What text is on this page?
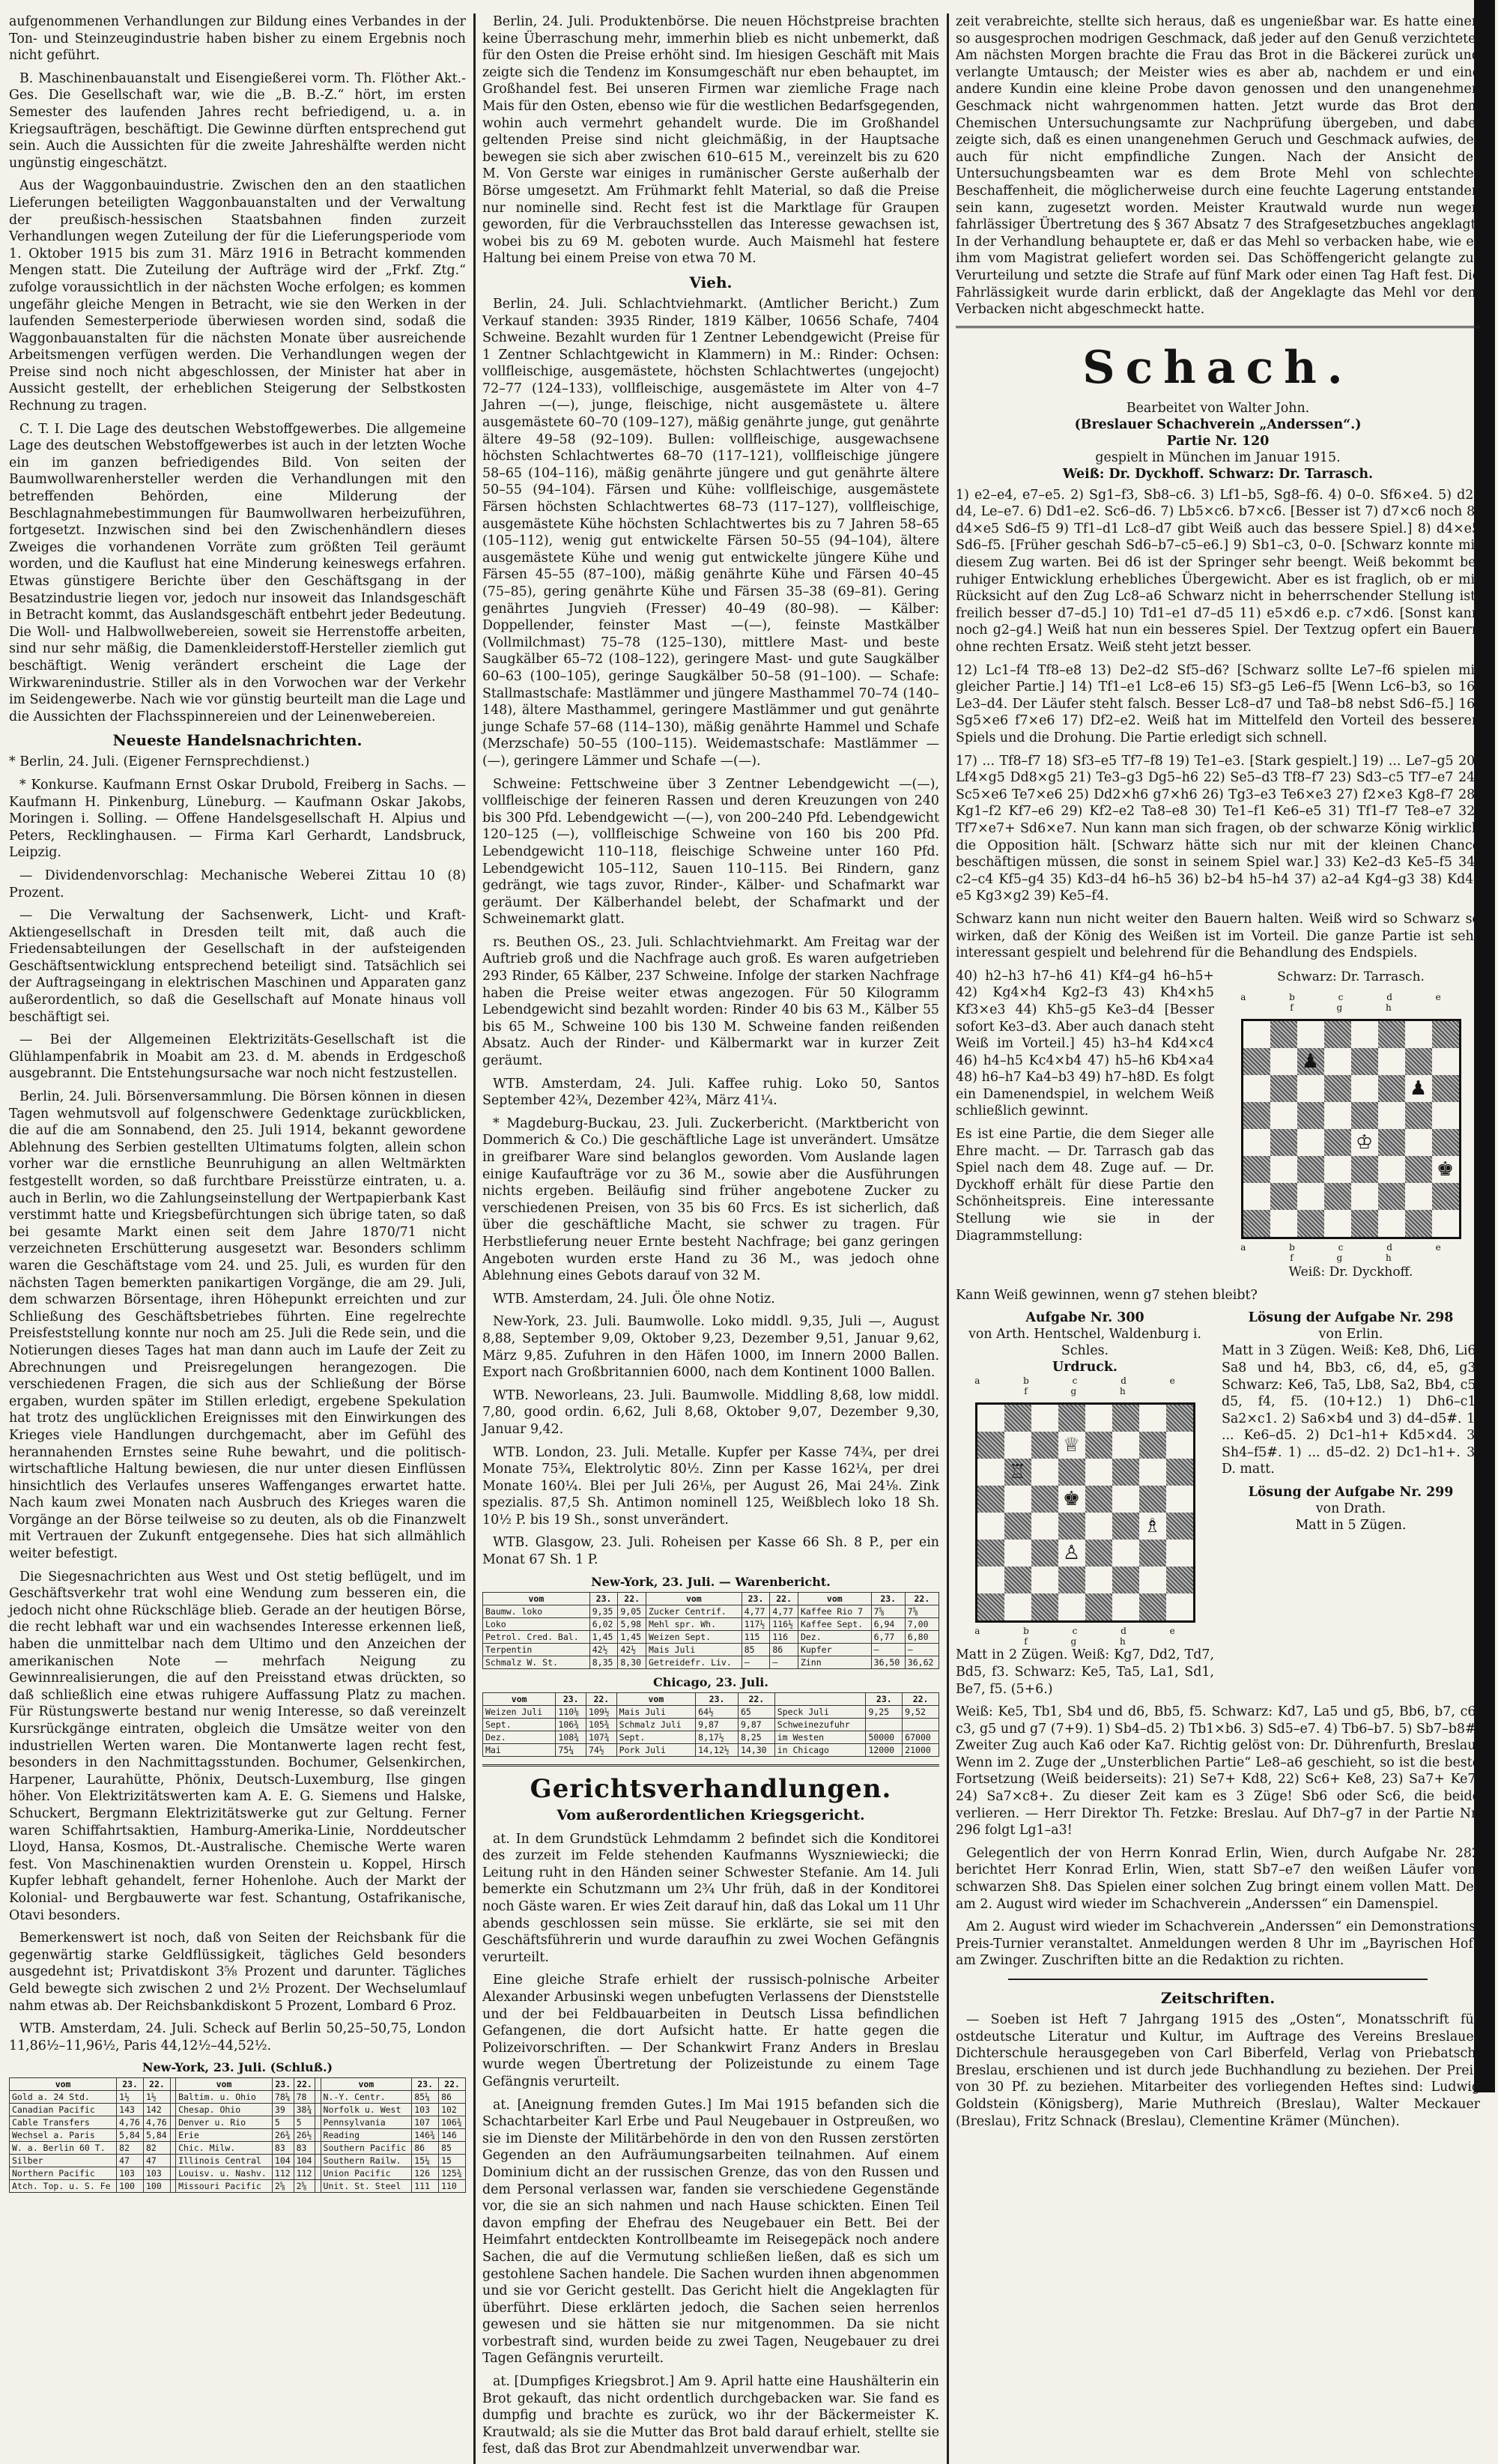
aufgenommenen Verhandlungen zur Bildung eines Verbandes in der Ton- und Steinzeugindustrie haben bisher zu einem Ergebnis noch nicht geführt.

B. Maschinenbauanstalt und Eisengießerei vorm. Th. Flöther Akt.-Ges. Die Gesellschaft war, wie die „B. B.-Z.“ hört, im ersten Semester des laufenden Jahres recht befriedigend, u. a. in Kriegsaufträgen, beschäftigt. Die Gewinne dürften entsprechend gut sein. Auch die Aussichten für die zweite Jahreshälfte werden nicht ungünstig eingeschätzt.

Aus der Waggonbauindustrie. Zwischen den an den staatlichen Lieferungen beteiligten Waggonbauanstalten und der Verwaltung der preußisch-hessischen Staatsbahnen finden zurzeit Verhandlungen wegen Zuteilung der für die Lieferungsperiode vom 1. Oktober 1915 bis zum 31. März 1916 in Betracht kommenden Mengen statt. Die Zuteilung der Aufträge wird der „Frkf. Ztg.“ zufolge voraussichtlich in der nächsten Woche erfolgen; es kommen ungefähr gleiche Mengen in Betracht, wie sie den Werken in der laufenden Semesterperiode überwiesen worden sind, sodaß die Waggonbauanstalten für die nächsten Monate über ausreichende Arbeitsmengen verfügen werden. Die Verhandlungen wegen der Preise sind noch nicht abgeschlossen, der Minister hat aber in Aussicht gestellt, der erheblichen Steigerung der Selbstkosten Rechnung zu tragen.

C. T. I. Die Lage des deutschen Webstoffgewerbes. Die allgemeine Lage des deutschen Webstoffgewerbes ist auch in der letzten Woche ein im ganzen befriedigendes Bild. Von seiten der Baumwollwarenhersteller werden die Verhandlungen mit den betreffenden Behörden, eine Milderung der Beschlagnahmebestimmungen für Baumwollwaren herbeizuführen, fortgesetzt. Inzwischen sind bei den Zwischenhändlern dieses Zweiges die vorhandenen Vorräte zum größten Teil geräumt worden, und die Kauflust hat eine Minderung keineswegs erfahren. Etwas günstigere Berichte über den Geschäftsgang in der Besatzindustrie liegen vor, jedoch nur insoweit das Inlandsgeschäft in Betracht kommt, das Auslandsgeschäft entbehrt jeder Bedeutung. Die Woll- und Halbwollwebereien, soweit sie Herrenstoffe arbeiten, sind nur sehr mäßig, die Damenkleiderstoff-Hersteller ziemlich gut beschäftigt. Wenig verändert erscheint die Lage der Wirkwarenindustrie. Stiller als in den Vorwochen war der Verkehr im Seidengewerbe. Nach wie vor günstig beurteilt man die Lage und die Aussichten der Flachsspinnereien und der Leinenwebereien.

Neueste Handelsnachrichten.

* Berlin, 24. Juli. (Eigener Fernsprechdienst.)

* Konkurse. Kaufmann Ernst Oskar Drubold, Freiberg in Sachs. — Kaufmann H. Pinkenburg, Lüneburg. — Kaufmann Oskar Jakobs, Moringen i. Solling. — Offene Handelsgesellschaft H. Alpius und Peters, Recklinghausen. — Firma Karl Gerhardt, Landsbruck, Leipzig.

— Dividendenvorschlag: Mechanische Weberei Zittau 10 (8) Prozent.

— Die Verwaltung der Sachsenwerk, Licht- und Kraft-Aktiengesellschaft in Dresden teilt mit, daß auch die Friedensabteilungen der Gesellschaft in der aufsteigenden Geschäftsentwicklung entsprechend beteiligt sind. Tatsächlich sei der Auftragseingang in elektrischen Maschinen und Apparaten ganz außerordentlich, so daß die Gesellschaft auf Monate hinaus voll beschäftigt sei.

— Bei der Allgemeinen Elektrizitäts-Gesellschaft ist die Glühlampenfabrik in Moabit am 23. d. M. abends in Erdgeschoß ausgebrannt. Die Entstehungsursache war noch nicht festzustellen.

Berlin, 24. Juli. Börsenversammlung. Die Börsen können in diesen Tagen wehmutsvoll auf folgenschwere Gedenktage zurückblicken, die auf die am Sonnabend, den 25. Juli 1914, bekannt gewordene Ablehnung des Serbien gestellten Ultimatums folgten, allein schon vorher war die ernstliche Beunruhigung an allen Weltmärkten festgestellt worden, so daß furchtbare Preisstürze eintraten, u. a. auch in Berlin, wo die Zahlungseinstellung der Wertpapierbank Kast verstimmt hatte und Kriegsbefürchtungen sich übrige taten, so daß bei gesamte Markt einen seit dem Jahre 1870/71 nicht verzeichneten Erschütterung ausgesetzt war. Besonders schlimm waren die Geschäftstage vom 24. und 25. Juli, es wurden für den nächsten Tagen bemerkten panikartigen Vorgänge, die am 29. Juli, dem schwarzen Börsentage, ihren Höhepunkt erreichten und zur Schließung des Geschäftsbetriebes führten. Eine regelrechte Preisfeststellung konnte nur noch am 25. Juli die Rede sein, und die Notierungen dieses Tages hat man dann auch im Laufe der Zeit zu Abrechnungen und Preisregelungen herangezogen. Die verschiedenen Fragen, die sich aus der Schließung der Börse ergaben, wurden später im Stillen erledigt, ergebene Spekulation hat trotz des unglücklichen Ereignisses mit den Einwirkungen des Krieges viele Handlungen durchgemacht, aber im Gefühl des herannahenden Ernstes seine Ruhe bewahrt, und die politisch-wirtschaftliche Haltung bewiesen, die nur unter diesen Einflüssen hinsichtlich des Verlaufes unseres Waffenganges erwartet hatte. Nach kaum zwei Monaten nach Ausbruch des Krieges waren die Vorgänge an der Börse teilweise so zu deuten, als ob die Finanzwelt mit Vertrauen der Zukunft entgegensehe. Dies hat sich allmählich weiter befestigt.

Die Siegesnachrichten aus West und Ost stetig beflügelt, und im Geschäftsverkehr trat wohl eine Wendung zum besseren ein, die jedoch nicht ohne Rückschläge blieb. Gerade an der heutigen Börse, die recht lebhaft war und ein wachsendes Interesse erkennen ließ, haben die unmittelbar nach dem Ultimo und den Anzeichen der amerikanischen Note — mehrfach Neigung zu Gewinnrealisierungen, die auf den Preisstand etwas drückten, so daß schließlich eine etwas ruhigere Auffassung Platz zu machen. Für Rüstungswerte bestand nur wenig Interesse, so daß vereinzelt Kursrückgänge eintraten, obgleich die Umsätze weiter von den industriellen Werten waren. Die Montanwerte lagen recht fest, besonders in den Nachmittagsstunden. Bochumer, Gelsenkirchen, Harpener, Laurahütte, Phönix, Deutsch-Luxemburg, Ilse gingen höher. Von Elektrizitätswerten kam A. E. G. Siemens und Halske, Schuckert, Bergmann Elektrizitätswerke gut zur Geltung. Ferner waren Schiffahrtsaktien, Hamburg-Amerika-Linie, Norddeutscher Lloyd, Hansa, Kosmos, Dt.-Australische. Chemische Werte waren fest. Von Maschinenaktien wurden Orenstein u. Koppel, Hirsch Kupfer lebhaft gehandelt, ferner Hohenlohe. Auch der Markt der Kolonial- und Bergbauwerte war fest. Schantung, Ostafrikanische, Otavi besonders.

Bemerkenswert ist noch, daß von Seiten der Reichsbank für die gegenwärtig starke Geldflüssigkeit, tägliches Geld besonders ausgedehnt ist; Privatdiskont 3⅝ Prozent und darunter. Tägliches Geld bewegte sich zwischen 2 und 2½ Prozent. Der Wechselumlauf nahm etwas ab. Der Reichsbankdiskont 5 Prozent, Lombard 6 Proz.

WTB. Amsterdam, 24. Juli. Scheck auf Berlin 50,25–50,75, London 11,86½–11,96½, Paris 44,12½–44,52½.

New-York, 23. Juli. (Schluß.)
vom	23.	22.		vom	23.	22.		vom	23.	22.
Gold a. 24 Std.	1½	1½		Baltim. u. Ohio	78¼	78		N.-Y. Centr.	85¼	86
Canadian Pacific	143	142		Chesap. Ohio	39	38¾		Norfolk u. West	103	102
Cable Transfers	4,76	4,76		Denver u. Rio	5	5		Pennsylvania	107	106¾
Wechsel a. Paris	5,84	5,84		Erie	26¾	26½		Reading	146¾	146
W. a. Berlin 60 T.	82	82		Chic. Milw.	83	83		Southern Pacific	86	85
Silber	47	47		Illinois Central	104	104		Southern Railw.	15¼	15
Northern Pacific	103	103		Louisv. u. Nashv.	112	112		Union Pacific	126	125¾
Atch. Top. u. S. Fe	100	100		Missouri Pacific	2⅝	2⅝		Unit. St. Steel	111	110

Berlin, 24. Juli. Produktenbörse. Die neuen Höchstpreise brachten keine Überraschung mehr, immerhin blieb es nicht unbemerkt, daß für den Osten die Preise erhöht sind. Im hiesigen Geschäft mit Mais zeigte sich die Tendenz im Konsumgeschäft nur eben behauptet, im Großhandel fest. Bei unseren Firmen war ziemliche Frage nach Mais für den Osten, ebenso wie für die westlichen Bedarfsgegenden, wohin auch vermehrt gehandelt wurde. Die im Großhandel geltenden Preise sind nicht gleichmäßig, in der Hauptsache bewegen sie sich aber zwischen 610–615 M., vereinzelt bis zu 620 M. Von Gerste war einiges in rumänischer Gerste außerhalb der Börse umgesetzt. Am Frühmarkt fehlt Material, so daß die Preise nur nominelle sind. Recht fest ist die Marktlage für Graupen geworden, für die Verbrauchsstellen das Interesse gewachsen ist, wobei bis zu 69 M. geboten wurde. Auch Maismehl hat festere Haltung bei einem Preise von etwa 70 M.

Vieh.

Berlin, 24. Juli. Schlachtviehmarkt. (Amtlicher Bericht.) Zum Verkauf standen: 3935 Rinder, 1819 Kälber, 10656 Schafe, 7404 Schweine. Bezahlt wurden für 1 Zentner Lebendgewicht (Preise für 1 Zentner Schlachtgewicht in Klammern) in M.: Rinder: Ochsen: vollfleischige, ausgemästete, höchsten Schlachtwertes (ungejocht) 72–77 (124–133), vollfleischige, ausgemästete im Alter von 4–7 Jahren —(—), junge, fleischige, nicht ausgemästete u. ältere ausgemästete 60–70 (109–127), mäßig genährte junge, gut genährte ältere 49–58 (92–109). Bullen: vollfleischige, ausgewachsene höchsten Schlachtwertes 68–70 (117–121), vollfleischige jüngere 58–65 (104–116), mäßig genährte jüngere und gut genährte ältere 50–55 (94–104). Färsen und Kühe: vollfleischige, ausgemästete Färsen höchsten Schlachtwertes 68–73 (117–127), vollfleischige, ausgemästete Kühe höchsten Schlachtwertes bis zu 7 Jahren 58–65 (105–112), wenig gut entwickelte Färsen 50–55 (94–104), ältere ausgemästete Kühe und wenig gut entwickelte jüngere Kühe und Färsen 45–55 (87–100), mäßig genährte Kühe und Färsen 40–45 (75–85), gering genährte Kühe und Färsen 35–38 (69–81). Gering genährtes Jungvieh (Fresser) 40–49 (80–98). — Kälber: Doppellender, feinster Mast —(—), feinste Mastkälber (Vollmilchmast) 75–78 (125–130), mittlere Mast- und beste Saugkälber 65–72 (108–122), geringere Mast- und gute Saugkälber 60–63 (100–105), geringe Saugkälber 50–58 (91–100). — Schafe: Stallmastschafe: Mastlämmer und jüngere Masthammel 70–74 (140–148), ältere Masthammel, geringere Mastlämmer und gut genährte junge Schafe 57–68 (114–130), mäßig genährte Hammel und Schafe (Merzschafe) 50–55 (100–115). Weidemastschafe: Mastlämmer —(—), geringere Lämmer und Schafe —(—).

Schweine: Fettschweine über 3 Zentner Lebendgewicht —(—), vollfleischige der feineren Rassen und deren Kreuzungen von 240 bis 300 Pfd. Lebendgewicht —(—), von 200–240 Pfd. Lebendgewicht 120–125 (—), vollfleischige Schweine von 160 bis 200 Pfd. Lebendgewicht 110–118, fleischige Schweine unter 160 Pfd. Lebendgewicht 105–112, Sauen 110–115. Bei Rindern, ganz gedrängt, wie tags zuvor, Rinder-, Kälber- und Schafmarkt war geräumt. Der Kälberhandel belebt, der Schafmarkt und der Schweinemarkt glatt.

rs. Beuthen OS., 23. Juli. Schlachtviehmarkt. Am Freitag war der Auftrieb groß und die Nachfrage auch groß. Es waren aufgetrieben 293 Rinder, 65 Kälber, 237 Schweine. Infolge der starken Nachfrage haben die Preise weiter etwas angezogen. Für 50 Kilogramm Lebendgewicht sind bezahlt worden: Rinder 40 bis 63 M., Kälber 55 bis 65 M., Schweine 100 bis 130 M. Schweine fanden reißenden Absatz. Auch der Rinder- und Kälbermarkt war in kurzer Zeit geräumt.

WTB. Amsterdam, 24. Juli. Kaffee ruhig. Loko 50, Santos September 42¾, Dezember 42¾, März 41¼.

* Magdeburg-Buckau, 23. Juli. Zuckerbericht. (Marktbericht von Dommerich & Co.) Die geschäftliche Lage ist unverändert. Umsätze in greifbarer Ware sind belanglos geworden. Vom Auslande lagen einige Kaufaufträge vor zu 36 M., sowie aber die Ausführungen nichts ergeben. Beiläufig sind früher angebotene Zucker zu verschiedenen Preisen, von 35 bis 60 Frcs. Es ist sicherlich, daß über die geschäftliche Macht, sie schwer zu tragen. Für Herbstlieferung neuer Ernte besteht Nachfrage; bei ganz geringen Angeboten wurden erste Hand zu 36 M., was jedoch ohne Ablehnung eines Gebots darauf von 32 M.

WTB. Amsterdam, 24. Juli. Öle ohne Notiz.

New-York, 23. Juli. Baumwolle. Loko middl. 9,35, Juli —, August 8,88, September 9,09, Oktober 9,23, Dezember 9,51, Januar 9,62, März 9,85. Zufuhren in den Häfen 1000, im Innern 2000 Ballen. Export nach Großbritannien 6000, nach dem Kontinent 1000 Ballen.

WTB. Neworleans, 23. Juli. Baumwolle. Middling 8,68, low middl. 7,80, good ordin. 6,62, Juli 8,68, Oktober 9,07, Dezember 9,30, Januar 9,42.

WTB. London, 23. Juli. Metalle. Kupfer per Kasse 74¾, per drei Monate 75¾, Elektrolytic 80½. Zinn per Kasse 162¼, per drei Monate 160¼. Blei per Juli 26⅛, per August 26, Mai 24⅛. Zink spezialis. 87,5 Sh. Antimon nominell 125, Weißblech loko 18 Sh. 10½ P. bis 19 Sh., sonst unverändert.

WTB. Glasgow, 23. Juli. Roheisen per Kasse 66 Sh. 8 P., per ein Monat 67 Sh. 1 P.

New-York, 23. Juli. — Warenbericht.
vom	23.	22.	vom	23.	22.	vom	23.	22.
Baumw. loko	9,35	9,05	Zucker Centrif.	4,77	4,77	Kaffee Rio 7	7⅝	7⅝
Loko	6,02	5,98	Mehl spr. Wh.	117½	116½	Kaffee Sept.	6,94	7,00
Petrol. Cred. Bal.	1,45	1,45	Weizen Sept.	115	116	Dez.	6,77	6,80
Terpentin	42½	42½	Mais Juli	85	86	Kupfer	—	—
Schmalz W. St.	8,35	8,30	Getreidefr. Liv.	—	—	Zinn	36,50	36,62
Chicago, 23. Juli.
vom	23.	22.	vom	23.	22.		23.	22.
Weizen Juli	110⅛	109½	Mais Juli	64½	65	Speck Juli	9,25	9,52
Sept.	106¾	105¾	Schmalz Juli	9,87	9,87	Schweinezufuhr		
Dez.	108¾	107¾	Sept.	8,17½	8,25	im Westen	50000	67000
Mai	75¼	74½	Pork Juli	14,12½	14,30	in Chicago	12000	21000
Gerichtsverhandlungen.
Vom außerordentlichen Kriegsgericht.

at. In dem Grundstück Lehmdamm 2 befindet sich die Konditorei des zurzeit im Felde stehenden Kaufmanns Wyszniewiecki; die Leitung ruht in den Händen seiner Schwester Stefanie. Am 14. Juli bemerkte ein Schutzmann um 2¾ Uhr früh, daß in der Konditorei noch Gäste waren. Er wies Zeit darauf hin, daß das Lokal um 11 Uhr abends geschlossen sein müsse. Sie erklärte, sie sei mit den Geschäftsführerin und wurde daraufhin zu zwei Wochen Gefängnis verurteilt.

Eine gleiche Strafe erhielt der russisch-polnische Arbeiter Alexander Arbusinski wegen unbefugten Verlassens der Dienststelle und der bei Feldbauarbeiten in Deutsch Lissa befindlichen Gefangenen, die dort Aufsicht hatte. Er hatte gegen die Polizeivorschriften. — Der Schankwirt Franz Anders in Breslau wurde wegen Übertretung der Polizeistunde zu einem Tage Gefängnis verurteilt.

at. [Aneignung fremden Gutes.] Im Mai 1915 befanden sich die Schachtarbeiter Karl Erbe und Paul Neugebauer in Ostpreußen, wo sie im Dienste der Militärbehörde in den von den Russen zerstörten Gegenden an den Aufräumungsarbeiten teilnahmen. Auf einem Dominium dicht an der russischen Grenze, das von den Russen und dem Personal verlassen war, fanden sie verschiedene Gegenstände vor, die sie an sich nahmen und nach Hause schickten. Einen Teil davon empfing der Ehefrau des Neugebauer ein Bett. Bei der Heimfahrt entdeckten Kontrollbeamte im Reisegepäck noch andere Sachen, die auf die Vermutung schließen ließen, daß es sich um gestohlene Sachen handele. Die Sachen wurden ihnen abgenommen und sie vor Gericht gestellt. Das Gericht hielt die Angeklagten für überführt. Diese erklärten jedoch, die Sachen seien herrenlos gewesen und sie hätten sie nur mitgenommen. Da sie nicht vorbestraft sind, wurden beide zu zwei Tagen, Neugebauer zu drei Tagen Gefängnis verurteilt.

at. [Dumpfiges Kriegsbrot.] Am 9. April hatte eine Haushälterin ein Brot gekauft, das nicht ordentlich durchgebacken war. Sie fand es dumpfig und brachte es zurück, wo ihr der Bäckermeister K. Krautwald; als sie die Mutter das Brot bald darauf erhielt, stellte sie fest, daß das Brot zur Abendmahlzeit unverwendbar war.

zeit verabreichte, stellte sich heraus, daß es ungenießbar war. Es hatte einen so ausgesprochen modrigen Geschmack, daß jeder auf den Genuß verzichtete. Am nächsten Morgen brachte die Frau das Brot in die Bäckerei zurück und verlangte Umtausch; der Meister wies es aber ab, nachdem er und eine andere Kundin eine kleine Probe davon genossen und den unangenehmen Geschmack nicht wahrgenommen hatten. Jetzt wurde das Brot dem Chemischen Untersuchungsamte zur Nachprüfung übergeben, und dabei zeigte sich, daß es einen unangenehmen Geruch und Geschmack aufwies, der auch für nicht empfindliche Zungen. Nach der Ansicht des Untersuchungsbeamten war es dem Brote Mehl von schlechter Beschaffenheit, die möglicherweise durch eine feuchte Lagerung entstanden sein kann, zugesetzt worden. Meister Krautwald wurde nun wegen fahrlässiger Übertretung des § 367 Absatz 7 des Strafgesetzbuches angeklagt. In der Verhandlung behauptete er, daß er das Mehl so verbacken habe, wie er ihm vom Magistrat geliefert worden sei. Das Schöffengericht gelangte zur Verurteilung und setzte die Strafe auf fünf Mark oder einen Tag Haft fest. Die Fahrlässigkeit wurde darin erblickt, daß der Angeklagte das Mehl vor dem Verbacken nicht abgeschmeckt hatte.

Schach.
Bearbeitet von Walter John.
(Breslauer Schachverein „Anderssen“.)
Partie Nr. 120
gespielt in München im Januar 1915.
Weiß: Dr. Dyckhoff. Schwarz: Dr. Tarrasch.

1) e2–e4, e7–e5. 2) Sg1–f3, Sb8–c6. 3) Lf1–b5, Sg8–f6. 4) 0–0. Sf6×e4. 5) d2–d4, Le–e7. 6) Dd1–e2. Sc6–d6. 7) Lb5×c6. b7×c6. [Besser ist 7) d7×c6 noch 8) d4×e5 Sd6–f5 9) Tf1–d1 Lc8–d7 gibt Weiß auch das bessere Spiel.] 8) d4×e5 Sd6–f5. [Früher geschah Sd6–b7–c5–e6.] 9) Sb1–c3, 0–0. [Schwarz konnte mit diesem Zug warten. Bei d6 ist der Springer sehr beengt. Weiß bekommt bei ruhiger Entwicklung erhebliches Übergewicht. Aber es ist fraglich, ob er mit Rücksicht auf den Zug Lc8–a6 Schwarz nicht in beherrschender Stellung ist; freilich besser d7–d5.] 10) Td1–e1 d7–d5 11) e5×d6 e.p. c7×d6. [Sonst kann noch g2–g4.] Weiß hat nun ein besseres Spiel. Der Textzug opfert ein Bauern ohne rechten Ersatz. Weiß steht jetzt besser.

12) Lc1–f4 Tf8–e8 13) De2–d2 Sf5–d6? [Schwarz sollte Le7–f6 spielen mit gleicher Partie.] 14) Tf1–e1 Lc8–e6 15) Sf3–g5 Le6–f5 [Wenn Lc6–b3, so 16) Le3–d4. Der Läufer steht falsch. Besser Lc8–d7 und Ta8–b8 nebst Sd6–f5.] 16) Sg5×e6 f7×e6 17) Df2–e2. Weiß hat im Mittelfeld den Vorteil des besseren Spiels und die Drohung. Die Partie erledigt sich schnell.

17) ... Tf8–f7 18) Sf3–e5 Tf7–f8 19) Te1–e3. [Stark gespielt.] 19) ... Le7–g5 20) Lf4×g5 Dd8×g5 21) Te3–g3 Dg5–h6 22) Se5–d3 Tf8–f7 23) Sd3–c5 Tf7–e7 24) Sc5×e6 Te7×e6 25) Dd2×h6 g7×h6 26) Tg3–e3 Te6×e3 27) f2×e3 Kg8–f7 28) Kg1–f2 Kf7–e6 29) Kf2–e2 Ta8–e8 30) Te1–f1 Ke6–e5 31) Tf1–f7 Te8–e7 32) Tf7×e7+ Sd6×e7. Nun kann man sich fragen, ob der schwarze König wirklich die Opposition hält. [Schwarz hätte sich nur mit der kleinen Chance beschäftigen müssen, die sonst in seinem Spiel war.] 33) Ke2–d3 Ke5–f5 34) c2–c4 Kf5–g4 35) Kd3–d4 h6–h5 36) b2–b4 h5–h4 37) a2–a4 Kg4–g3 38) Kd4–e5 Kg3×g2 39) Ke5–f4.

Schwarz kann nun nicht weiter den Bauern halten. Weiß wird so Schwarz so wirken, daß der König des Weißen ist im Vorteil. Die ganze Partie ist sehr interessant gespielt und belehrend für die Behandlung des Endspiels.

40) h2–h3 h7–h6 41) Kf4–g4 h6–h5+ 42) Kg4×h4 Kg2–f3 43) Kh4×h5 Kf3×e3 44) Kh5–g5 Ke3–d4 [Besser sofort Ke3–d3. Aber auch danach steht Weiß im Vorteil.] 45) h3–h4 Kd4×c4 46) h4–h5 Kc4×b4 47) h5–h6 Kb4×a4 48) h6–h7 Ka4–b3 49) h7–h8D. Es folgt ein Damenendspiel, in welchem Weiß schließlich gewinnt.

Es ist eine Partie, die dem Sieger alle Ehre macht. — Dr. Tarrasch gab das Spiel nach dem 48. Zuge auf. — Dr. Dyckhoff erhält für diese Partie den Schönheitspreis. Eine interessante Stellung wie sie in der Diagrammstellung:

Schwarz: Dr. Tarrasch.
a b c d e f g h
♟
♟
♔
♚
a b c d e f g h
Weiß: Dr. Dyckhoff.

Kann Weiß gewinnen, wenn g7 stehen bleibt?

Aufgabe Nr. 300
von Arth. Hentschel, Waldenburg i. Schles.
Urdruck.
a b c d e f g h
♕
♖
♚
♗
♙
a b c d e f g h

Matt in 2 Zügen. Weiß: Kg7, Dd2, Td7, Bd5, f3. Schwarz: Ke5, Ta5, La1, Sd1, Be7, f5. (5+6.)

Lösung der Aufgabe Nr. 298
von Erlin.

Matt in 3 Zügen. Weiß: Ke8, Dh6, Li6, Sa8 und h4, Bb3, c6, d4, e5, g3. Schwarz: Ke6, Ta5, Lb8, Sa2, Bb4, c5, d5, f4, f5. (10+12.) 1) Dh6–c1. Sa2×c1. 2) Sa6×b4 und 3) d4–d5#. 1) ... Ke6–d5. 2) Dc1–h1+ Kd5×d4. 3) Sh4–f5#. 1) ... d5–d2. 2) Dc1–h1+. 3) D. matt.

Lösung der Aufgabe Nr. 299
von Drath.
Matt in 5 Zügen.

Weiß: Ke5, Tb1, Sb4 und d6, Bb5, f5. Schwarz: Kd7, La5 und g5, Bb6, b7, c6, c3, g5 und g7 (7+9). 1) Sb4–d5. 2) Tb1×b6. 3) Sd5–e7. 4) Tb6–b7. 5) Sb7–b8#. Zweiter Zug auch Ka6 oder Ka7. Richtig gelöst von: Dr. Dührenfurth, Breslau. Wenn im 2. Zuge der „Unsterblichen Partie“ Le8–a6 geschieht, so ist die beste Fortsetzung (Weiß beiderseits): 21) Se7+ Kd8, 22) Sc6+ Ke8, 23) Sa7+ Ke7, 24) Sa7×c8+. Zu dieser Zeit kam es 3 Züge! Sb6 oder Sc6, die beide verlieren. — Herr Direktor Th. Fetzke: Breslau. Auf Dh7–g7 in der Partie Nr. 296 folgt Lg1–a3!

Gelegentlich der von Herrn Konrad Erlin, Wien, durch Aufgabe Nr. 282 berichtet Herr Konrad Erlin, Wien, statt Sb7–e7 den weißen Läufer vom schwarzen Sh8. Das Spielen einer solchen Zug bringt einem vollen Matt. Der am 2. August wird wieder im Schachverein „Anderssen“ ein Damenspiel.

Am 2. August wird wieder im Schachverein „Anderssen“ ein Demonstrations-Preis-Turnier veranstaltet. Anmeldungen werden 8 Uhr im „Bayrischen Hof“ am Zwinger. Zuschriften bitte an die Redaktion zu richten.

Zeitschriften.

— Soeben ist Heft 7 Jahrgang 1915 des „Osten“, Monatsschrift für ostdeutsche Literatur und Kultur, im Auftrage des Vereins Breslauer Dichterschule herausgegeben von Carl Biberfeld, Verlag von Priebatsch, Breslau, erschienen und ist durch jede Buchhandlung zu beziehen. Der Preis von 30 Pf. zu beziehen. Mitarbeiter des vorliegenden Heftes sind: Ludwig Goldstein (Königsberg), Marie Muthreich (Breslau), Walter Meckauer (Breslau), Fritz Schnack (Breslau), Clementine Krämer (München).
